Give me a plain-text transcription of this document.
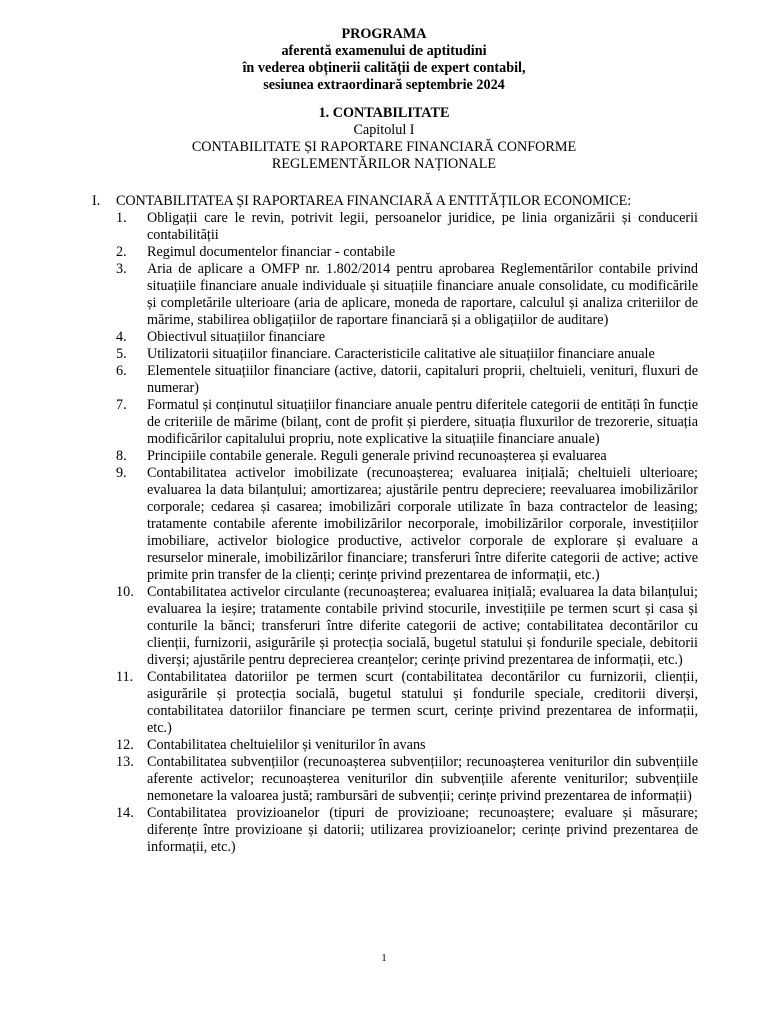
PROGRAMA
aferentă examenului de aptitudini
în vederea obținerii calității de expert contabil,
sesiunea extraordinară septembrie 2024
1. CONTABILITATE
Capitolul I
CONTABILITATE ȘI RAPORTARE FINANCIARĂ CONFORME
REGLEMENTĂRILOR NAȚIONALE
I.	CONTABILITATEA ȘI RAPORTAREA FINANCIARĂ A ENTITĂȚILOR ECONOMICE:
1.	Obligații care le revin, potrivit legii, persoanelor juridice, pe linia organizării și conducerii contabilității
2.	Regimul documentelor financiar - contabile
3.	Aria de aplicare a OMFP nr. 1.802/2014 pentru aprobarea Reglementărilor contabile privind situațiile financiare anuale individuale și situațiile financiare anuale consolidate, cu modificările și completările ulterioare (aria de aplicare, moneda de raportare, calculul și analiza criteriilor de mărime, stabilirea obligațiilor de raportare financiară și a obligațiilor de auditare)
4.	Obiectivul situațiilor financiare
5.	Utilizatorii situațiilor financiare. Caracteristicile calitative ale situațiilor financiare anuale
6.	Elementele situațiilor financiare (active, datorii, capitaluri proprii, cheltuieli, venituri, fluxuri de numerar)
7.	Formatul și conținutul situațiilor financiare anuale pentru diferitele categorii de entități în funcție de criteriile de mărime (bilanț, cont de profit și pierdere, situația fluxurilor de trezorerie, situația modificărilor capitalului propriu, note explicative la situațiile financiare anuale)
8.	Principiile contabile generale. Reguli generale privind recunoașterea și evaluarea
9.	Contabilitatea activelor imobilizate (recunoașterea; evaluarea inițială; cheltuieli ulterioare; evaluarea la data bilanțului; amortizarea; ajustările pentru depreciere; reevaluarea imobilizărilor corporale; cedarea și casarea; imobilizări corporale utilizate în baza contractelor de leasing; tratamente contabile aferente imobilizărilor necorporale, imobilizărilor corporale, investițiilor imobiliare, activelor biologice productive, activelor corporale de explorare și evaluare a resurselor minerale, imobilizărilor financiare; transferuri între diferite categorii de active; active primite prin transfer de la clienți; cerințe privind prezentarea de informații, etc.)
10. Contabilitatea activelor circulante (recunoașterea; evaluarea inițială; evaluarea la data bilanțului; evaluarea la ieșire; tratamente contabile privind stocurile, investițiile pe termen scurt și casa și conturile la bănci; transferuri între diferite categorii de active; contabilitatea decontărilor cu clienții, furnizorii, asigurările și protecția socială, bugetul statului și fondurile speciale, debitorii diverși; ajustările pentru deprecierea creanțelor; cerințe privind prezentarea de informații, etc.)
11. Contabilitatea datoriilor pe termen scurt (contabilitatea decontărilor cu furnizorii, clienții, asigurările și protecția socială, bugetul statului și fondurile speciale, creditorii diverși, contabilitatea datoriilor financiare pe termen scurt, cerințe privind prezentarea de informații, etc.)
12. Contabilitatea cheltuielilor și veniturilor în avans
13. Contabilitatea subvențiilor (recunoașterea subvențiilor; recunoașterea veniturilor din subvențiile aferente activelor; recunoașterea veniturilor din subvențiile aferente veniturilor; subvențiile nemonetare la valoarea justă; rambursări de subvenții; cerințe privind prezentarea de informații)
14. Contabilitatea provizioanelor (tipuri de provizioane; recunoaștere; evaluare și măsurare; diferențe între provizioane și datorii; utilizarea provizioanelor; cerințe privind prezentarea de informații, etc.)
1
